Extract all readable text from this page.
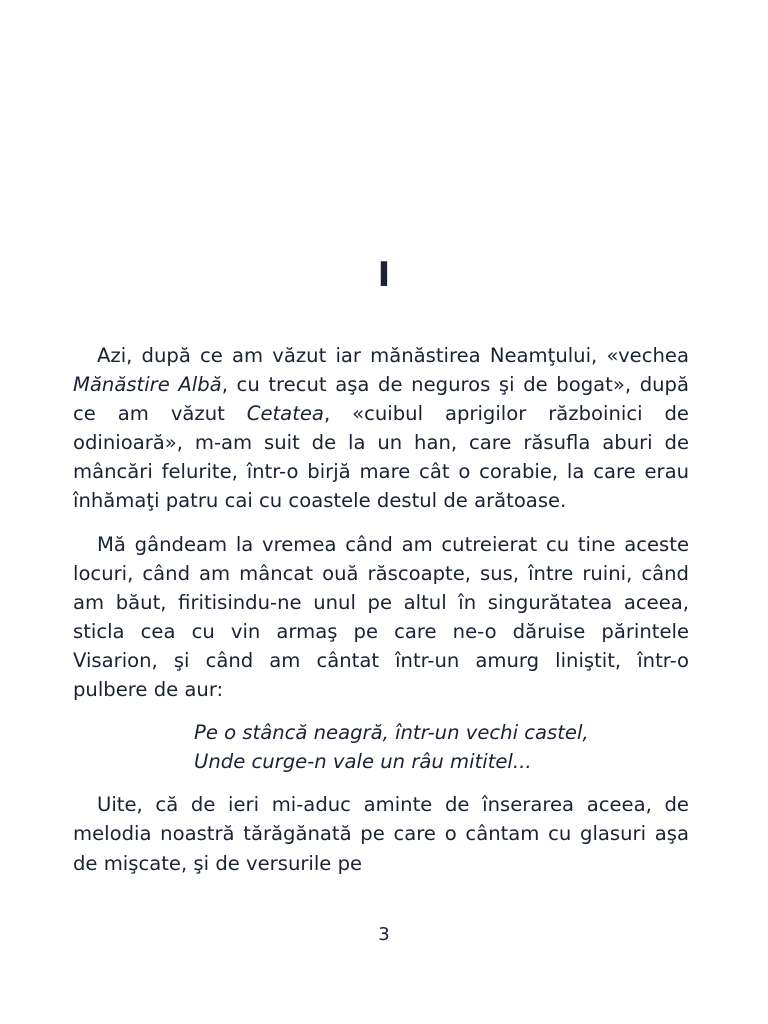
I

Azi, după ce am văzut iar mănăstirea Neamţului, «vechea Mănăstire Albă, cu trecut aşa de neguros şi de bogat», după ce am văzut Cetatea, «cuibul aprigilor războinici de odinioară», m-am suit de la un han, care răsufla aburi de mâncări felurite, într-o birjă mare cât o corabie, la care erau înhămaţi patru cai cu coastele destul de arătoase.

Mă gândeam la vremea când am cutreierat cu tine aceste locuri, când am mâncat ouă răscoapte, sus, între ruini, când am băut, firitisindu-ne unul pe altul în singurătatea aceea, sticla cea cu vin armaş pe care ne-o dăruise părintele Visarion, şi când am cântat într-un amurg liniştit, într-o pulbere de aur:

Pe o stâncă neagră, într-un vechi castel,
Unde curge-n vale un râu mititel...

Uite, că de ieri mi-aduc aminte de înserarea aceea, de melodia noastră tărăgănată pe care o cântam cu glasuri aşa de mişcate, şi de versurile pe

3
